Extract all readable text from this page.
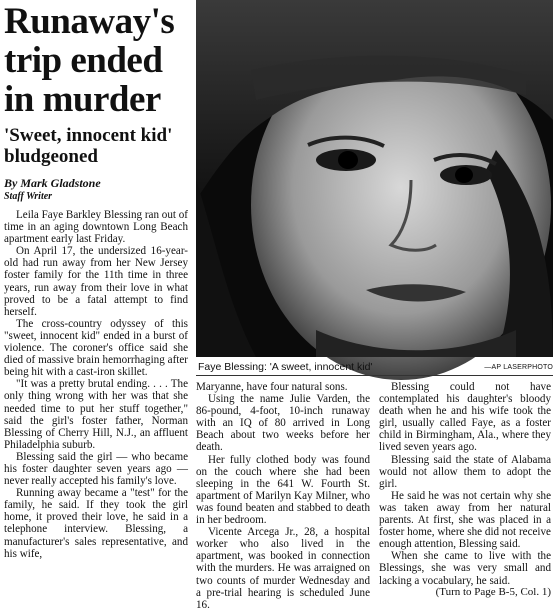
Runaway's
trip ended
in murder
'Sweet, innocent kid' bludgeoned
By Mark Gladstone
Staff Writer

Leila Faye Barkley Blessing ran out of time in an aging downtown Long Beach apartment early last Friday.

On April 17, the undersized 16-year-old had run away from her New Jersey foster family for the 11th time in three years, run away from their love in what proved to be a fatal attempt to find herself.

The cross-country odyssey of this "sweet, innocent kid" ended in a burst of violence. The coroner's office said she died of massive brain hemorrhaging after being hit with a cast-iron skillet.

"It was a pretty brutal ending. . . . The only thing wrong with her was that she needed time to put her stuff together," said the girl's foster father, Norman Blessing of Cherry Hill, N.J., an affluent Philadelphia suburb.

Blessing said the girl — who became his foster daughter seven years ago — never really accepted his family's love.

Running away became a "test" for the family, he said. If they took the girl home, it proved their love, he said in a telephone interview. Blessing, a manufacturer's sales representative, and his wife,

Faye Blessing: 'A sweet, innocent kid'	—AP LASERPHOTO

Maryanne, have four natural sons.

Using the name Julie Varden, the 86-pound, 4-foot, 10-inch runaway with an IQ of 80 arrived in Long Beach about two weeks before her death.

Her fully clothed body was found on the couch where she had been sleeping in the 641 W. Fourth St. apartment of Marilyn Kay Milner, who was found beaten and stabbed to death in her bedroom.

Vicente Arcega Jr., 28, a hospital worker who also lived in the apartment, was booked in connection with the murders. He was arraigned on two counts of murder Wednesday and a pre-trial hearing is scheduled June 16.

Blessing could not have contemplated his daughter's bloody death when he and his wife took the girl, usually called Faye, as a foster child in Birmingham, Ala., where they lived seven years ago.

Blessing said the state of Alabama would not allow them to adopt the girl.

He said he was not certain why she was taken away from her natural parents. At first, she was placed in a foster home, where she did not receive enough attention, Blessing said.

When she came to live with the Blessings, she was very small and lacking a vocabulary, he said.

(Turn to Page B-5, Col. 1)
